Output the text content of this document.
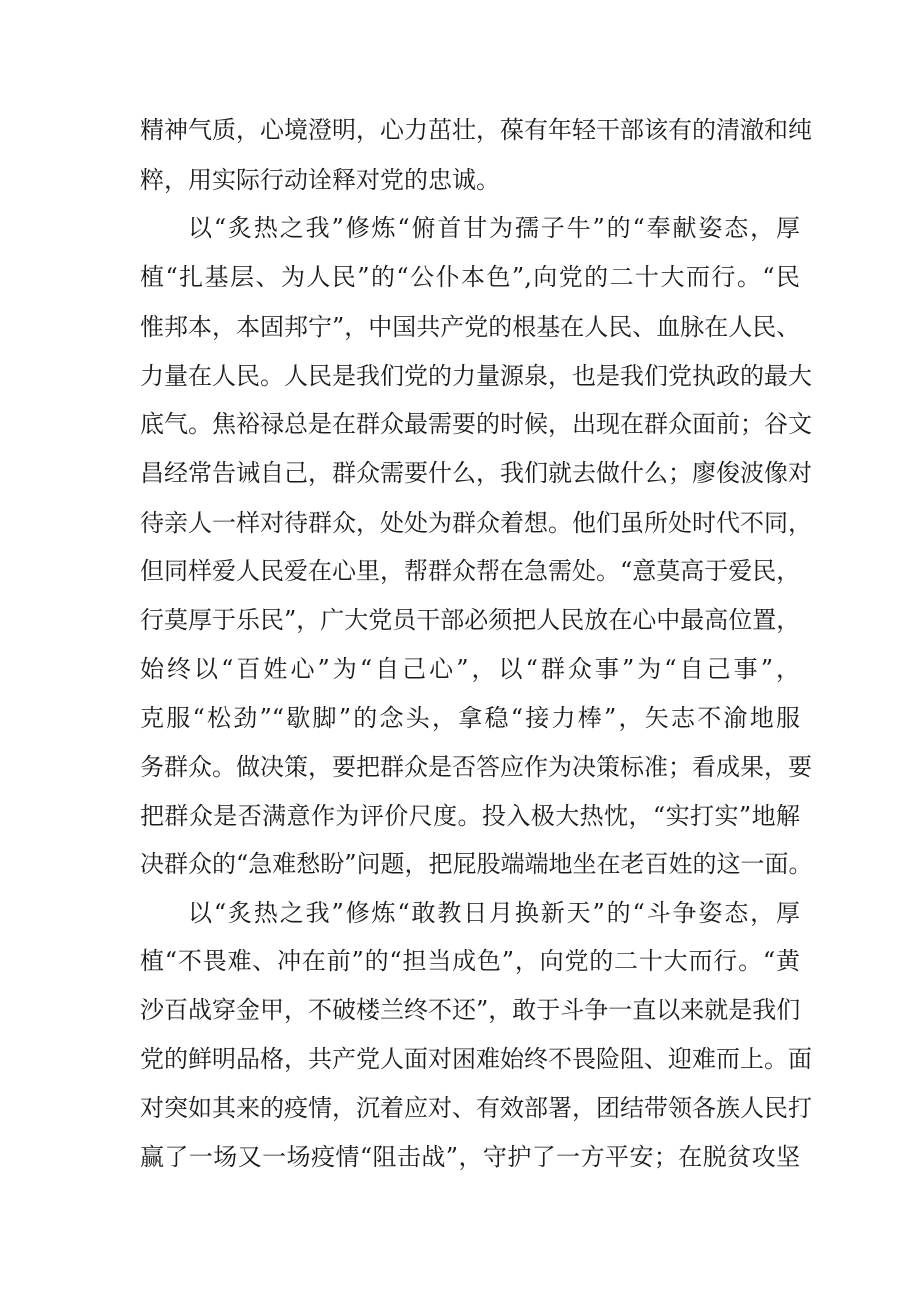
精神气质，心境澄明，心力茁壮，葆有年轻干部该有的清澈和纯
粹，用实际行动诠释对党的忠诚。
以“炙热之我”修炼“俯首甘为孺子牛”的“奉献姿态，厚
植“扎基层、为人民”的“公仆本色”,向党的二十大而行。“民
惟邦本，本固邦宁”，中国共产党的根基在人民、血脉在人民、
力量在人民。人民是我们党的力量源泉，也是我们党执政的最大
底气。焦裕禄总是在群众最需要的时候，出现在群众面前；谷文
昌经常告诫自己，群众需要什么，我们就去做什么；廖俊波像对
待亲人一样对待群众，处处为群众着想。他们虽所处时代不同，
但同样爱人民爱在心里，帮群众帮在急需处。“意莫高于爱民，
行莫厚于乐民”，广大党员干部必须把人民放在心中最高位置，
始终以“百姓心”为“自己心”，以“群众事”为“自己事”，
克服“松劲”“歇脚”的念头，拿稳“接力棒”，矢志不渝地服
务群众。做决策，要把群众是否答应作为决策标准；看成果，要
把群众是否满意作为评价尺度。投入极大热忱，“实打实”地解
决群众的“急难愁盼”问题，把屁股端端地坐在老百姓的这一面。
以“炙热之我”修炼“敢教日月换新天”的“斗争姿态，厚
植“不畏难、冲在前”的“担当成色”，向党的二十大而行。“黄
沙百战穿金甲，不破楼兰终不还”，敢于斗争一直以来就是我们
党的鲜明品格，共产党人面对困难始终不畏险阻、迎难而上。面
对突如其来的疫情，沉着应对、有效部署，团结带领各族人民打
赢了一场又一场疫情“阻击战”，守护了一方平安；在脱贫攻坚
